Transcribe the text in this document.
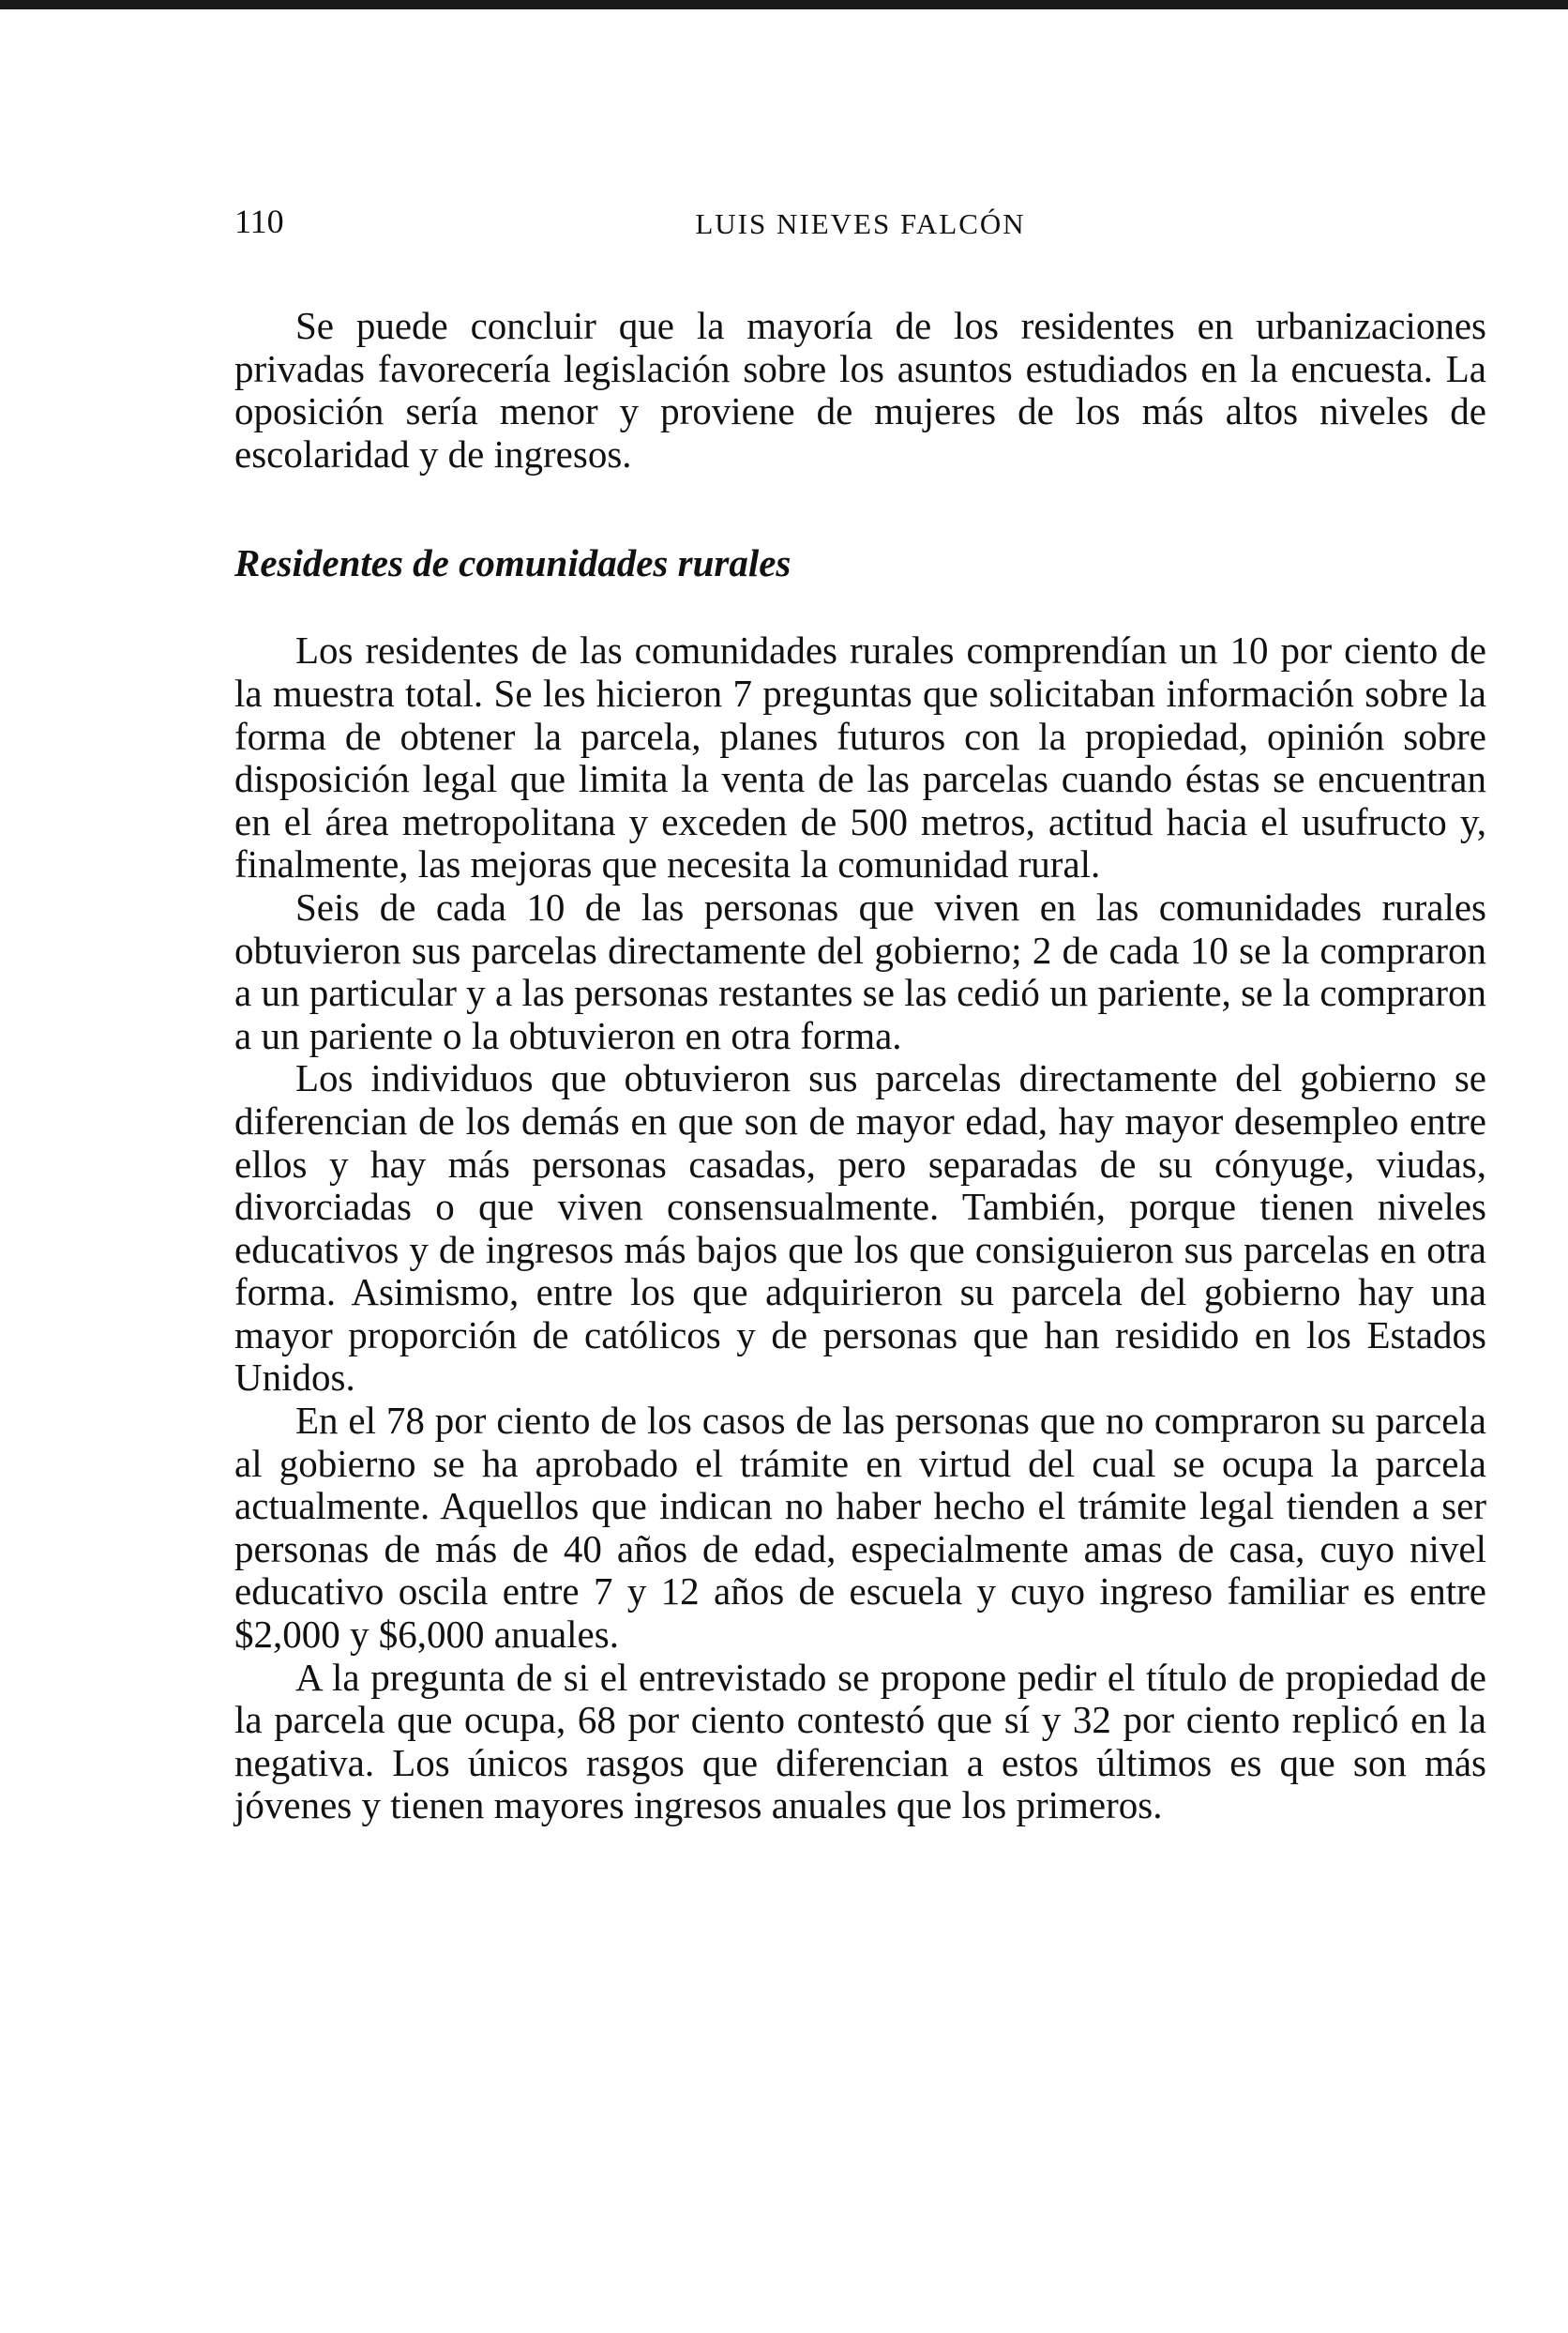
110	LUIS NIEVES FALCÓN

Se puede concluir que la mayoría de los residentes en urbanizaciones privadas favorecería legislación sobre los asuntos estudiados en la encuesta. La oposición sería menor y proviene de mujeres de los más altos niveles de escolaridad y de ingresos.

Residentes de comunidades rurales

Los residentes de las comunidades rurales comprendían un 10 por ciento de la muestra total. Se les hicieron 7 preguntas que solicitaban información sobre la forma de obtener la parcela, planes futuros con la propiedad, opinión sobre disposición legal que limita la venta de las parcelas cuando éstas se encuentran en el área metropolitana y exceden de 500 metros, actitud hacia el usufructo y, finalmente, las mejoras que necesita la comunidad rural.

Seis de cada 10 de las personas que viven en las comunidades rurales obtuvieron sus parcelas directamente del gobierno; 2 de cada 10 se la compraron a un particular y a las personas restantes se las cedió un pariente, se la compraron a un pariente o la obtuvieron en otra forma.

Los individuos que obtuvieron sus parcelas directamente del gobierno se diferencian de los demás en que son de mayor edad, hay mayor desempleo entre ellos y hay más personas casadas, pero separadas de su cónyuge, viudas, divorciadas o que viven consensualmente. También, porque tienen niveles educativos y de ingresos más bajos que los que consiguieron sus parcelas en otra forma. Asimismo, entre los que adquirieron su parcela del gobierno hay una mayor proporción de católicos y de personas que han residido en los Estados Unidos.

En el 78 por ciento de los casos de las personas que no compraron su parcela al gobierno se ha aprobado el trámite en virtud del cual se ocupa la parcela actualmente. Aquellos que indican no haber hecho el trámite legal tienden a ser personas de más de 40 años de edad, especialmente amas de casa, cuyo nivel educativo oscila entre 7 y 12 años de escuela y cuyo ingreso familiar es entre $2,000 y $6,000 anuales.

A la pregunta de si el entrevistado se propone pedir el título de propiedad de la parcela que ocupa, 68 por ciento contestó que sí y 32 por ciento replicó en la negativa. Los únicos rasgos que diferencian a estos últimos es que son más jóvenes y tienen mayores ingresos anuales que los primeros.
